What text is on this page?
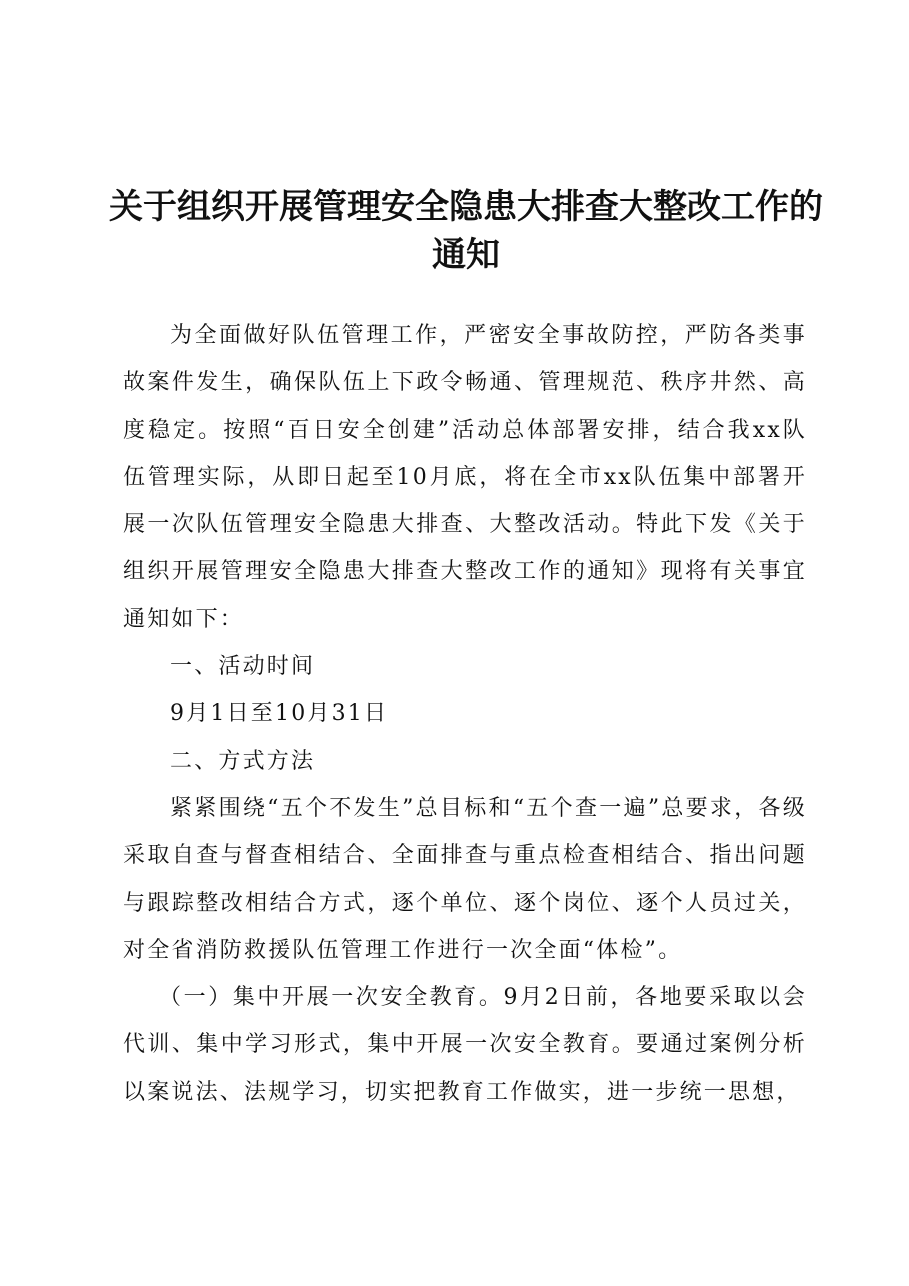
关于组织开展管理安全隐患大排查大整改工作的
通知

为全面做好队伍管理工作，严密安全事故防控，严防各类事故案件发生，确保队伍上下政令畅通、管理规范、秩序井然、高度稳定。按照“百日安全创建”活动总体部署安排，结合我xx队伍管理实际，从即日起至10月底，将在全市xx队伍集中部署开展一次队伍管理安全隐患大排查、大整改活动。特此下发《关于组织开展管理安全隐患大排查大整改工作的通知》现将有关事宜通知如下：

一、活动时间

9月1日至10月31日

二、方式方法

紧紧围绕“五个不发生”总目标和“五个查一遍”总要求，各级采取自查与督查相结合、全面排查与重点检查相结合、指出问题与跟踪整改相结合方式，逐个单位、逐个岗位、逐个人员过关，对全省消防救援队伍管理工作进行一次全面“体检”。

（一）集中开展一次安全教育。9月2日前，各地要采取以会代训、集中学习形式，集中开展一次安全教育。要通过案例分析以案说法、法规学习，切实把教育工作做实，进一步统一思想，
